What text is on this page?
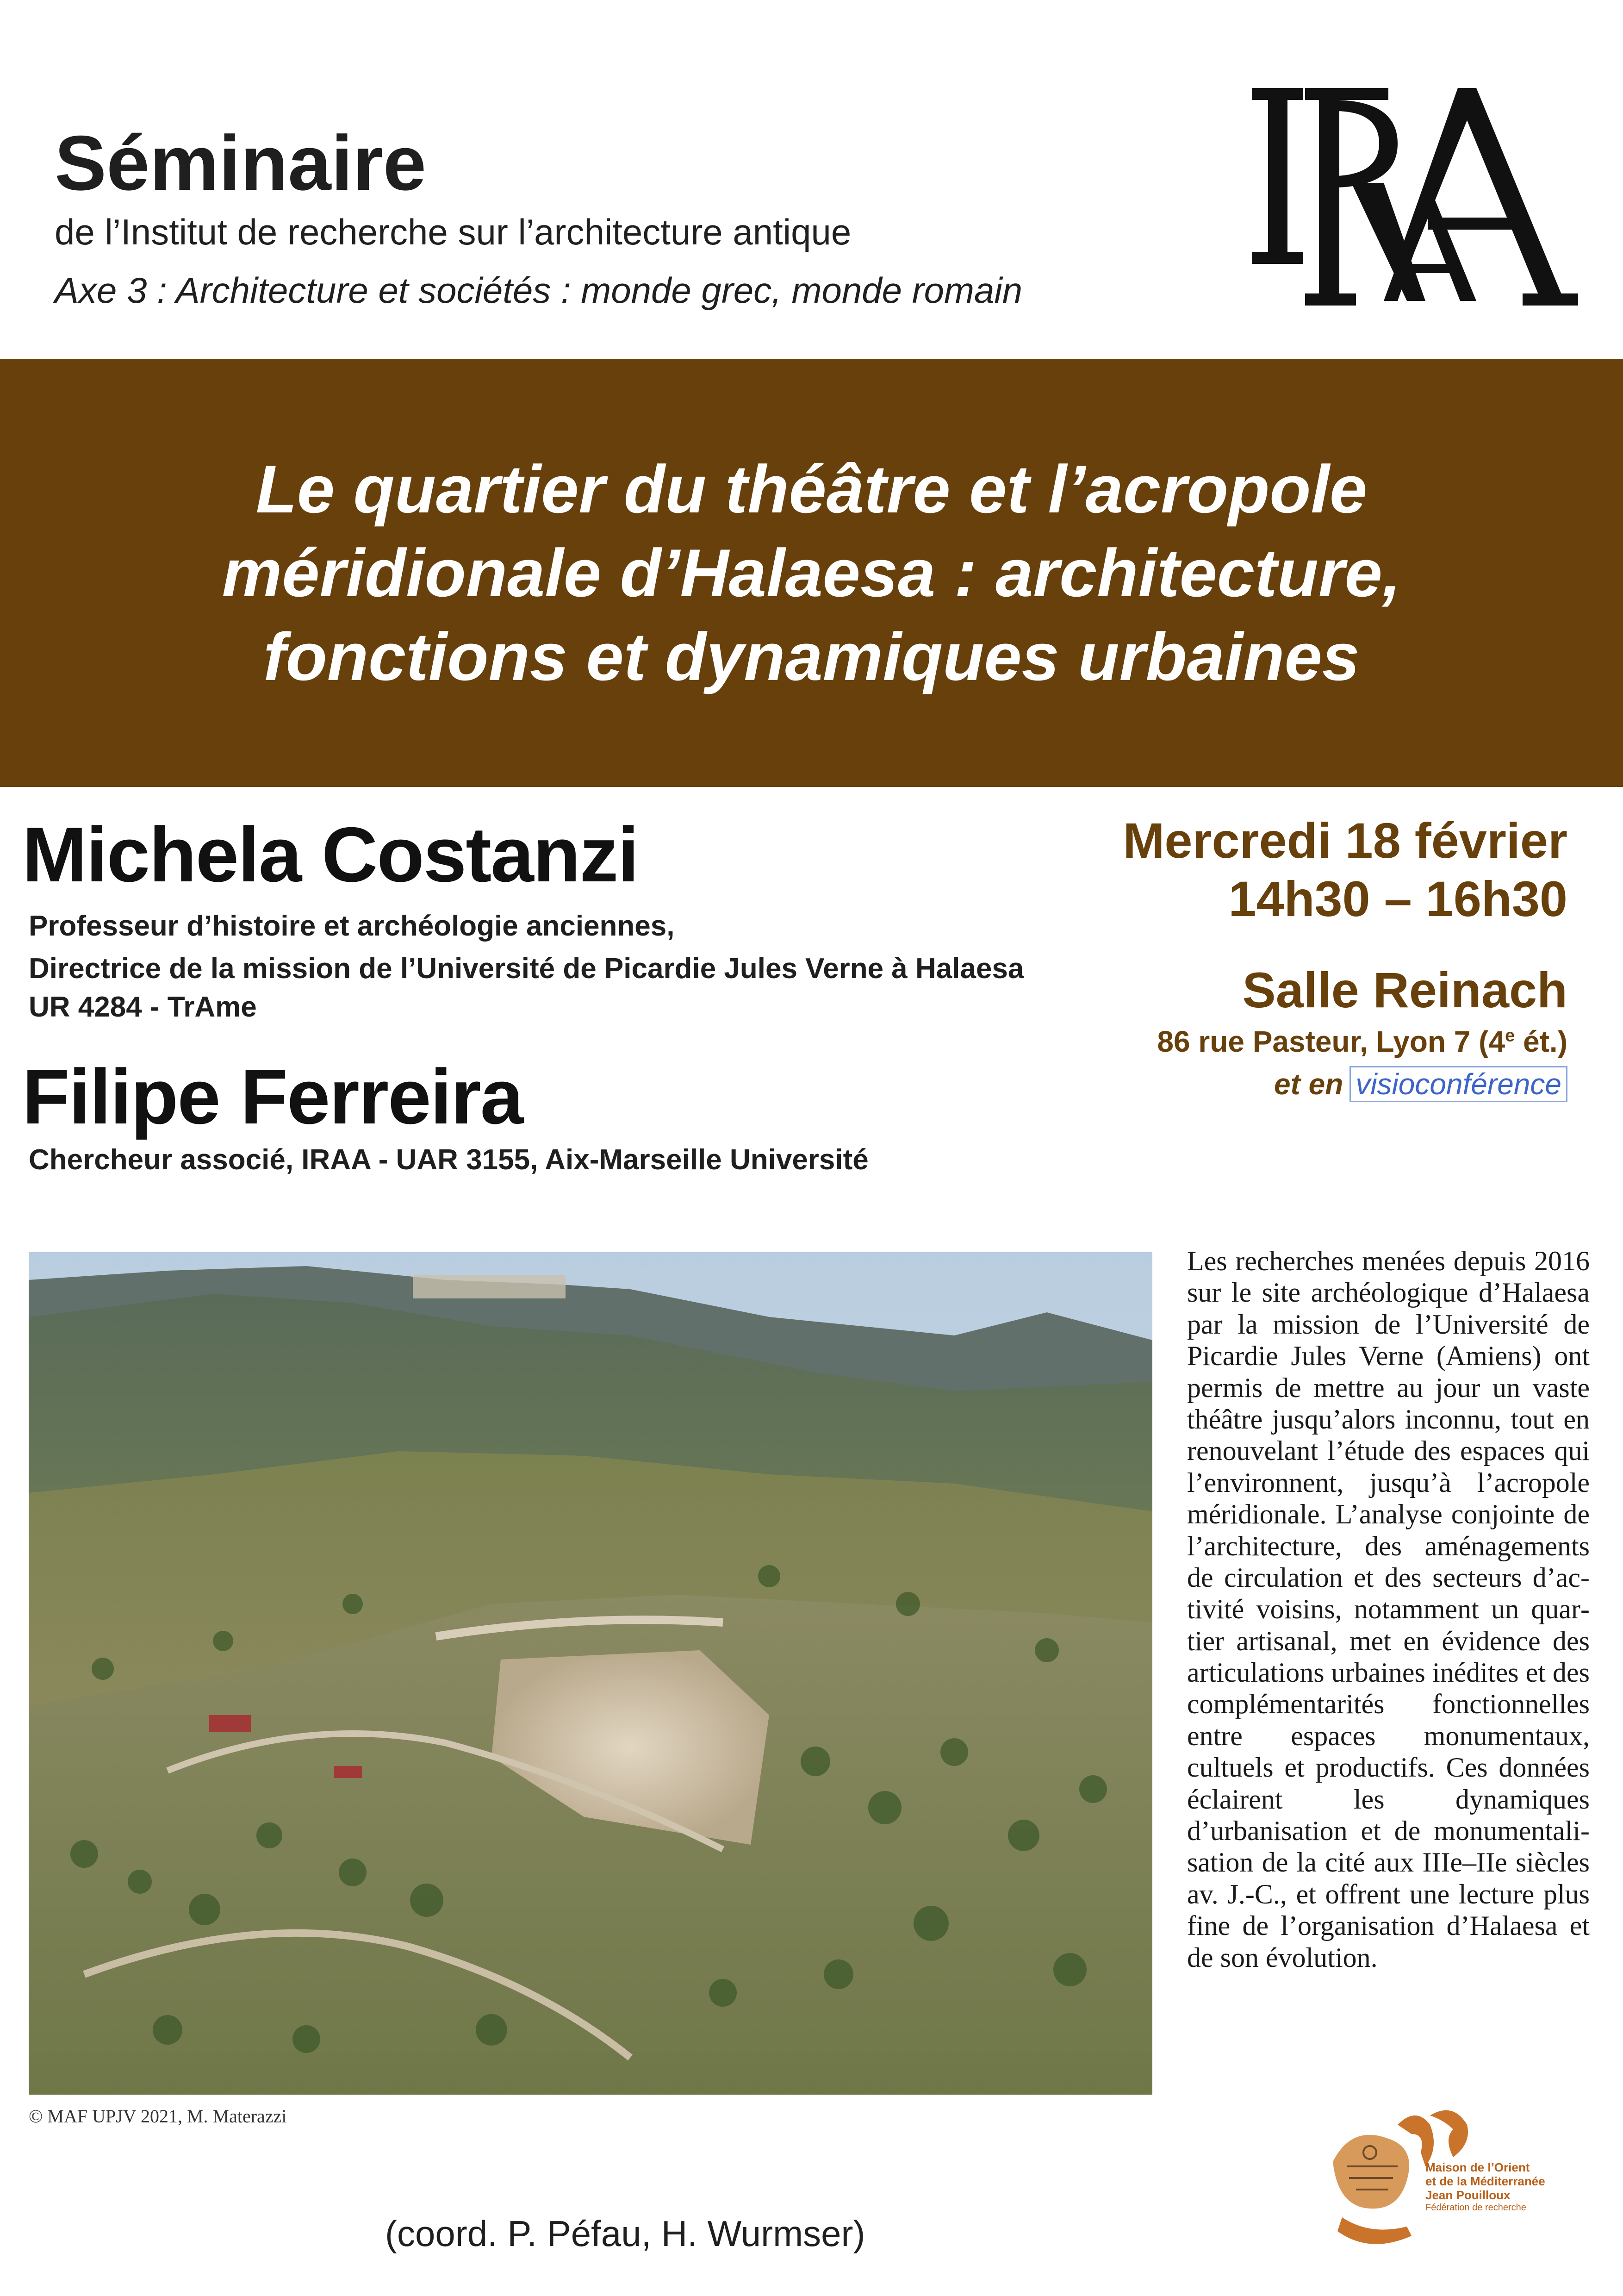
Séminaire
de l’Institut de recherche sur l’architecture antique
Axe 3 : Architecture et sociétés : monde grec, monde romain
Le quartier du théâtre et l’acropole méridionale d’Halaesa : architecture, fonctions et dynamiques urbaines
Michela Costanzi
Professeur d’histoire et archéologie anciennes,
Directrice de la mission de l’Université de Picardie Jules Verne à Halaesa
UR 4284 - TrAme
Filipe Ferreira
Chercheur associé, IRAA - UAR 3155, Aix-Marseille Université
Mercredi 18 février
14h30 – 16h30
Salle Reinach
86 rue Pasteur, Lyon 7 (4e ét.)
et en visioconférence
© MAF UPJV 2021, M. Materazzi
Les recherches menées depuis 2016 sur le site archéologique d’Halaesa par la mission de l’Université de Picardie Jules Verne (Amiens) ont permis de mettre au jour un vaste théâtre jusqu’alors inconnu, tout en renouvelant l’étude des espaces qui l’environnent, jusqu’à l’acropole méridionale. L’analyse conjointe de l’architecture, des aménagements de circulation et des secteurs d’activité voisins, notamment un quartier artisanal, met en évidence des articulations urbaines inédites et des complémentarités fonctionnelles entre espaces monumentaux, cultuels et productifs. Ces données éclairent les dynamiques d’urbanisation et de monumentalisation de la cité aux IIIe–IIe siècles av. J.-C., et offrent une lecture plus fine de l’organisation d’Halaesa et de son évolution.
Maison de l’Orient
et de la Méditerranée
Jean Pouilloux
Fédération de recherche
(coord. P. Péfau, H. Wurmser)
